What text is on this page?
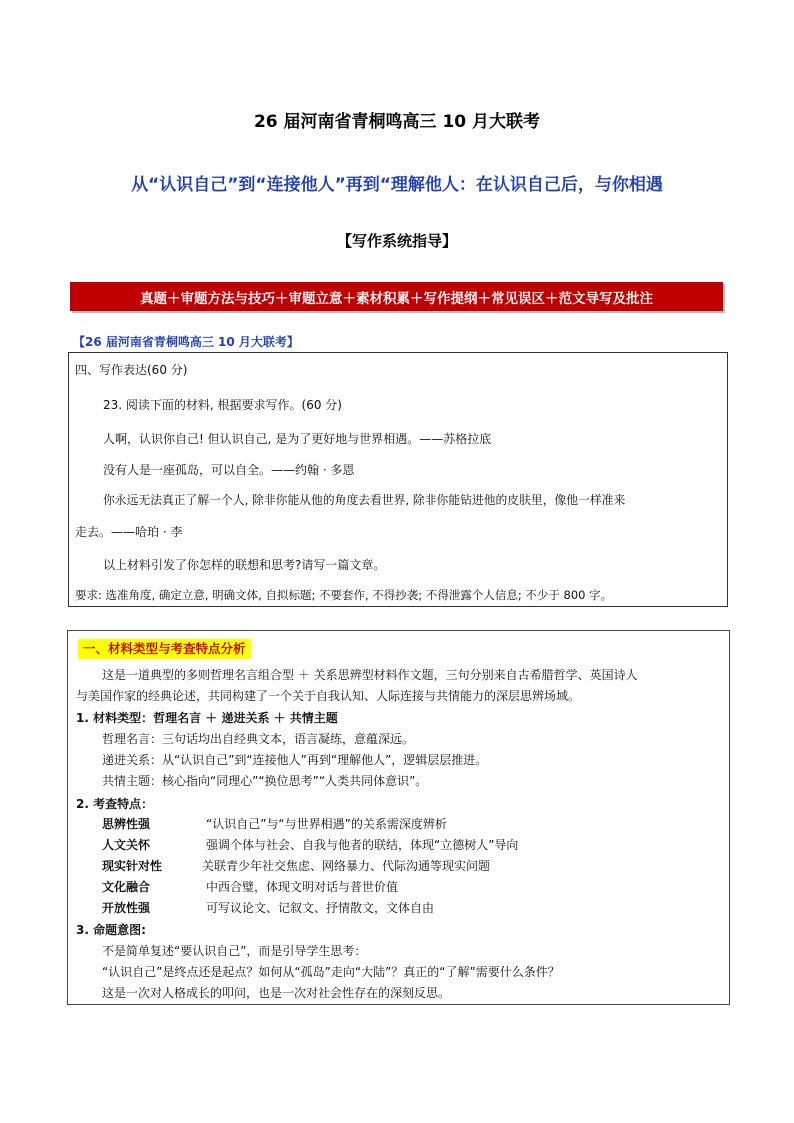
26 届河南省青桐鸣高三 10 月大联考
从“认识自己”到“连接他人”再到“理解他人：在认识自己后，与你相遇
【写作系统指导】
真题＋审题方法与技巧＋审题立意＋素材积累＋写作提纲＋常见误区＋范文导写及批注
【26 届河南省青桐鸣高三 10 月大联考】
四、写作表达(60 分)
23. 阅读下面的材料, 根据要求写作。(60 分)
人啊，认识你自己! 但认识自己, 是为了更好地与世界相遇。——苏格拉底
没有人是一座孤岛，可以自全。——约翰 · 多恩
你永远无法真正了解一个人, 除非你能从他的角度去看世界, 除非你能钻进他的皮肤里，像他一样准来
走去。——哈珀 · 李
以上材料引发了你怎样的联想和思考?请写一篇文章。
要求: 选准角度, 确定立意, 明确文体, 自拟标题; 不要套作, 不得抄袭; 不得泄露个人信息; 不少于 800 字。
一、材料类型与考查特点分析
这是一道典型的多则哲理名言组合型 ＋ 关系思辨型材料作文题，三句分别来自古希腊哲学、英国诗人
与美国作家的经典论述，共同构建了一个关于自我认知、人际连接与共情能力的深层思辨场域。
1. 材料类型：哲理名言 ＋ 递进关系 ＋ 共情主题
哲理名言：三句话均出自经典文本，语言凝练，意蕴深远。
递进关系：从“认识自己”到“连接他人”再到“理解他人”，逻辑层层推进。
共情主题：核心指向“同理心”“换位思考”“人类共同体意识”。
2. 考查特点：
思辨性强	“认识自己”与“与世界相遇”的关系需深度辨析
人文关怀	强调个体与社会、自我与他者的联结，体现“立德树人”导向
现实针对性	关联青少年社交焦虑、网络暴力、代际沟通等现实问题
文化融合	中西合璧，体现文明对话与普世价值
开放性强	可写议论文、记叙文、抒情散文，文体自由
3. 命题意图:
不是简单复述“要认识自己”，而是引导学生思考：
“认识自己”是终点还是起点？如何从“孤岛”走向“大陆”？真正的“了解”需要什么条件？
这是一次对人格成长的叩问，也是一次对社会性存在的深刻反思。
